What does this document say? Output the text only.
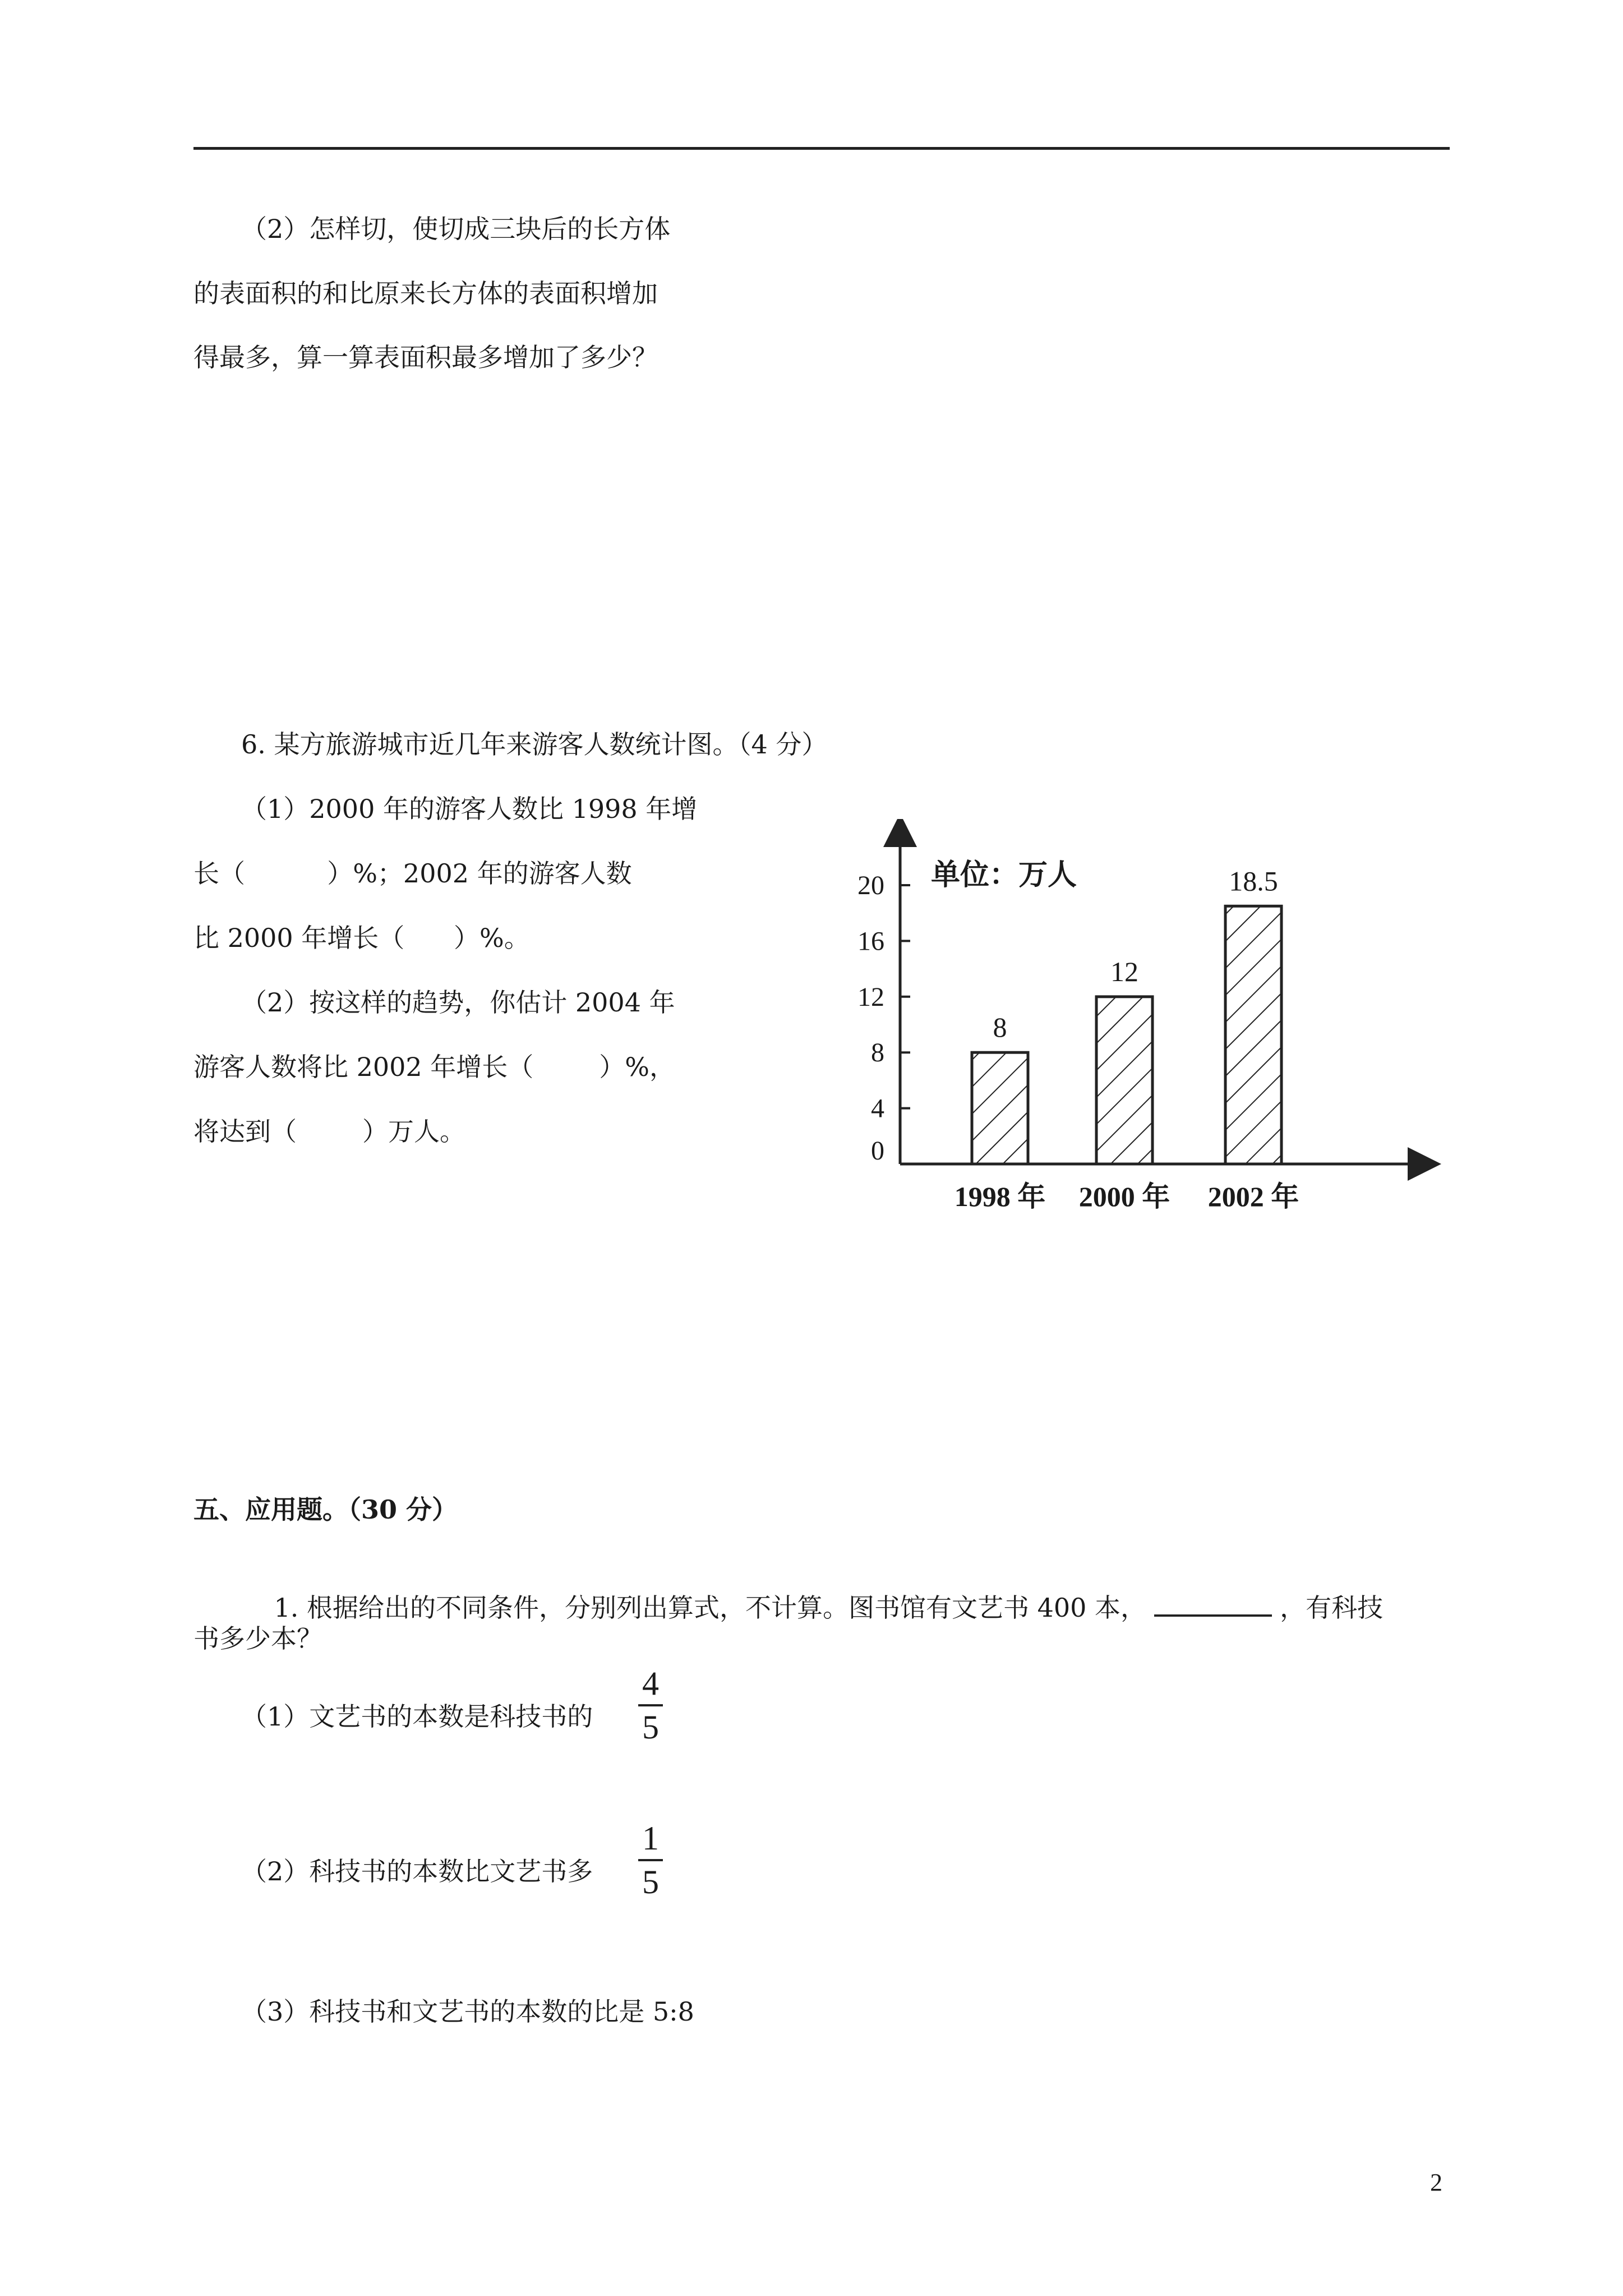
（2）怎样切，使切成三块后的长方体
的表面积的和比原来长方体的表面积增加
得最多，算一算表面积最多增加了多少？
6. 某方旅游城市近几年来游客人数统计图。（4 分）
（1）2000 年的游客人数比 1998 年增
长（          ）%；2002 年的游客人数
比 2000 年增长（      ）%。
（2）按这样的趋势，你估计 2004 年
游客人数将比 2002 年增长（        ）%，
将达到（        ）万人。
0
4
8
12
16
20
8
1998 年
12
2000 年
18.5
2002 年
单位：万人
五、应用题。（30 分）

1. 根据给出的不同条件，分别列出算式，不计算。图书馆有文艺书 400 本，	，有科技

书多少本？
（1）文艺书的本数是科技书的
4
5
（2）科技书的本数比文艺书多
1
5
（3）科技书和文艺书的本数的比是 5:8
2
